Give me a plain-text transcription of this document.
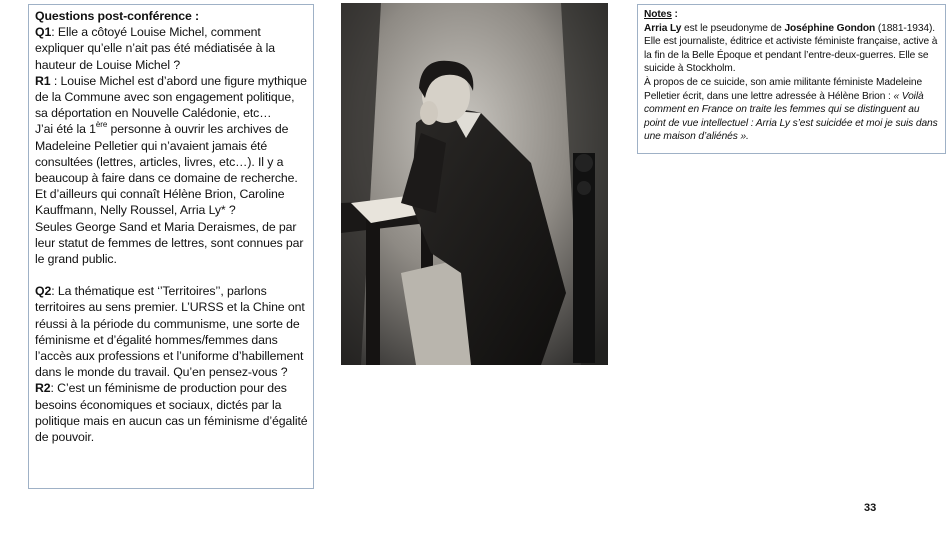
Questions post-conférence :

Q1: Elle a côtoyé Louise Michel, comment expliquer qu’elle n’ait pas été médiatisée à la hauteur de Louise Michel ?

R1 : Louise Michel est d’abord une figure mythique de la Commune avec son engagement politique, sa déportation en Nouvelle Calédonie, etc…

J’ai été la 1ère personne à ouvrir les archives de Madeleine Pelletier qui n’avaient jamais été consultées (lettres, articles, livres, etc…). Il y a beaucoup à faire dans ce domaine de recherche. Et d’ailleurs qui connaît Hélène Brion, Caroline Kauffmann, Nelly Roussel, Arria Ly* ?

Seules George Sand et Maria Deraismes, de par leur statut de femmes de lettres, sont connues par le grand public.

Q2: La thématique est ‘’Territoires’’, parlons territoires au sens premier. L’URSS et la Chine ont réussi à la période du communisme, une sorte de féminisme et d’égalité hommes/femmes dans l’accès aux professions et l’uniforme d’habillement dans le monde du travail. Qu’en pensez-vous ?

R2: C’est un féminisme de production pour des besoins économiques et sociaux, dictés par la politique mais en aucun cas un féminisme d’égalité de pouvoir.

Notes :

Arria Ly est le pseudonyme de Joséphine Gondon (1881-1934). Elle est journaliste, éditrice et activiste féministe française, active à la fin de la Belle Époque et pendant l’entre-deux-guerres. Elle se suicide à Stockholm.

À propos de ce suicide, son amie militante féministe Madeleine Pelletier écrit, dans une lettre adressée à Hélène Brion : « Voilà comment en France on traite les femmes qui se distinguent au point de vue intellectuel : Arria Ly s’est suicidée et moi je suis dans une maison d’aliénés ».

33
